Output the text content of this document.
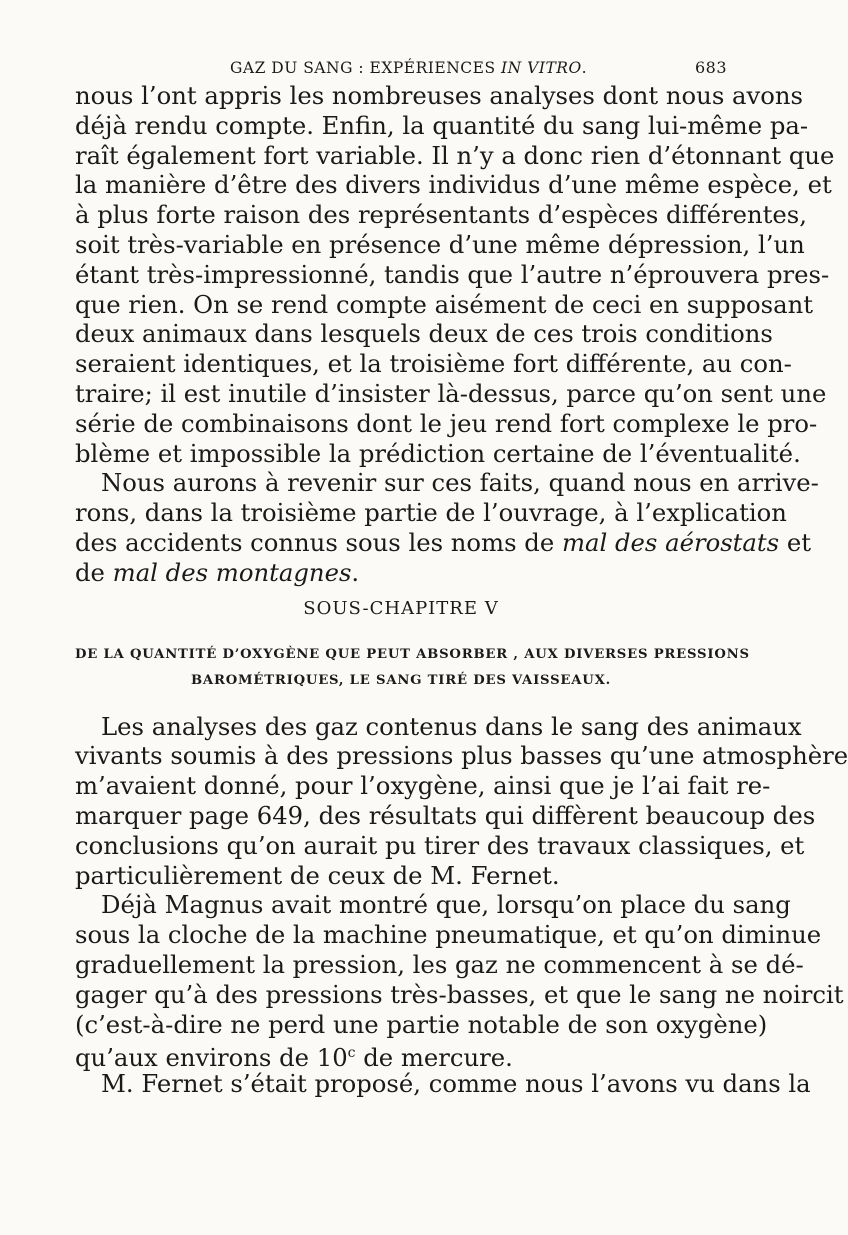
GAZ DU SANG : EXPÉRIENCES IN VITRO.	683
nous l’ont appris les nombreuses analyses dont nous avons
déjà rendu compte. Enfin, la quantité du sang lui-même pa-
raît également fort variable. Il n’y a donc rien d’étonnant que
la manière d’être des divers individus d’une même espèce, et
à plus forte raison des représentants d’espèces différentes,
soit très-variable en présence d’une même dépression, l’un
étant très-impressionné, tandis que l’autre n’éprouvera pres-
que rien. On se rend compte aisément de ceci en supposant
deux animaux dans lesquels deux de ces trois conditions
seraient identiques, et la troisième fort différente, au con-
traire; il est inutile d’insister là-dessus, parce qu’on sent une
série de combinaisons dont le jeu rend fort complexe le pro-
blème et impossible la prédiction certaine de l’éventualité.
Nous aurons à revenir sur ces faits, quand nous en arrive-
rons, dans la troisième partie de l’ouvrage, à l’explication
des accidents connus sous les noms de mal des aérostats et
de mal des montagnes.
SOUS-CHAPITRE V
DE LA QUANTITÉ D’OXYGÈNE QUE PEUT ABSORBER , AUX DIVERSES PRESSIONS
BAROMÉTRIQUES, LE SANG TIRÉ DES VAISSEAUX.
Les analyses des gaz contenus dans le sang des animaux
vivants soumis à des pressions plus basses qu’une atmosphère
m’avaient donné, pour l’oxygène, ainsi que je l’ai fait re-
marquer page 649, des résultats qui diffèrent beaucoup des
conclusions qu’on aurait pu tirer des travaux classiques, et
particulièrement de ceux de M. Fernet.
Déjà Magnus avait montré que, lorsqu’on place du sang
sous la cloche de la machine pneumatique, et qu’on diminue
graduellement la pression, les gaz ne commencent à se dé-
gager qu’à des pressions très-basses, et que le sang ne noircit
(c’est-à-dire ne perd une partie notable de son oxygène)
qu’aux environs de 10$^c$ de mercure.
M. Fernet s’était proposé, comme nous l’avons vu dans la
